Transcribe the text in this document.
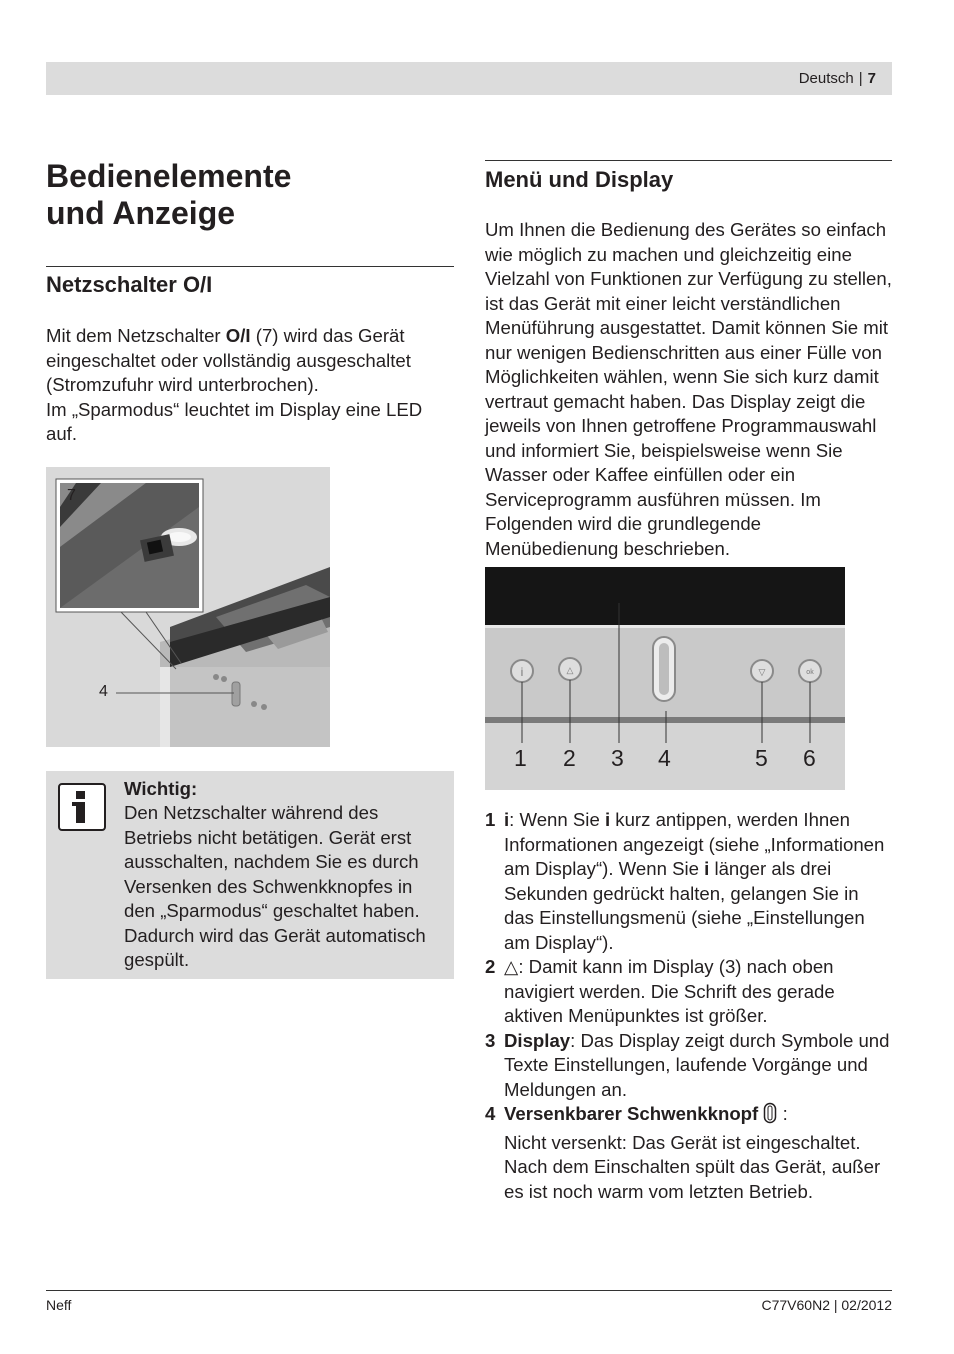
Deutsch | 7
Bedienelemente
und Anzeige
Netzschalter O/I

Mit dem Netzschalter O/I (7) wird das Gerät eingeschaltet oder vollständig ausgeschaltet (Stromzufuhr wird unterbrochen).

Im „Sparmodus“ leuchtet im Display eine LED auf.

7
4
Wichtig:

Den Netzschalter während des Betriebs nicht betätigen. Gerät erst ausschalten, nachdem Sie es durch Versenken des Schwenkknopfes in den „Sparmodus“ geschaltet haben. Dadurch wird das Gerät automatisch gespült.

Menü und Display

Um Ihnen die Bedienung des Gerätes so einfach wie möglich zu machen und gleichzeitig eine Vielzahl von Funktionen zur Verfügung zu stellen, ist das Gerät mit einer leicht verständlichen Menüführung ausgestattet. Damit können Sie mit nur wenigen Bedienschritten aus einer Fülle von Möglichkeiten wählen, wenn Sie sich kurz damit vertraut gemacht haben. Das Display zeigt die jeweils von Ihnen getroffene Programmauswahl und informiert Sie, beispielsweise wenn Sie Wasser oder Kaffee einfüllen oder ein Serviceprogramm ausführen müssen. Im Folgenden wird die grundlegende Menübedienung beschrieben.

i	△	▽	ok
1 2 3 4	5 6
1 i: Wenn Sie i kurz antippen, werden Ihnen Informationen angezeigt (siehe „Informationen am Display“). Wenn Sie i länger als drei Sekunden gedrückt halten, gelangen Sie in das Einstellungsmenü (siehe „Einstellungen am Display“).
2 △: Damit kann im Display (3) nach oben navigiert werden. Die Schrift des gerade aktiven Menüpunktes ist größer.
3 Display: Das Display zeigt durch Symbole und Texte Einstellungen, laufende Vorgänge und Meldungen an.
4 Versenkbarer Schwenkknopf  :
Nicht versenkt: Das Gerät ist eingeschaltet. Nach dem Einschalten spült das Gerät, außer es ist noch warm vom letzten Betrieb.
Neff	C77V60N2 | 02/2012
